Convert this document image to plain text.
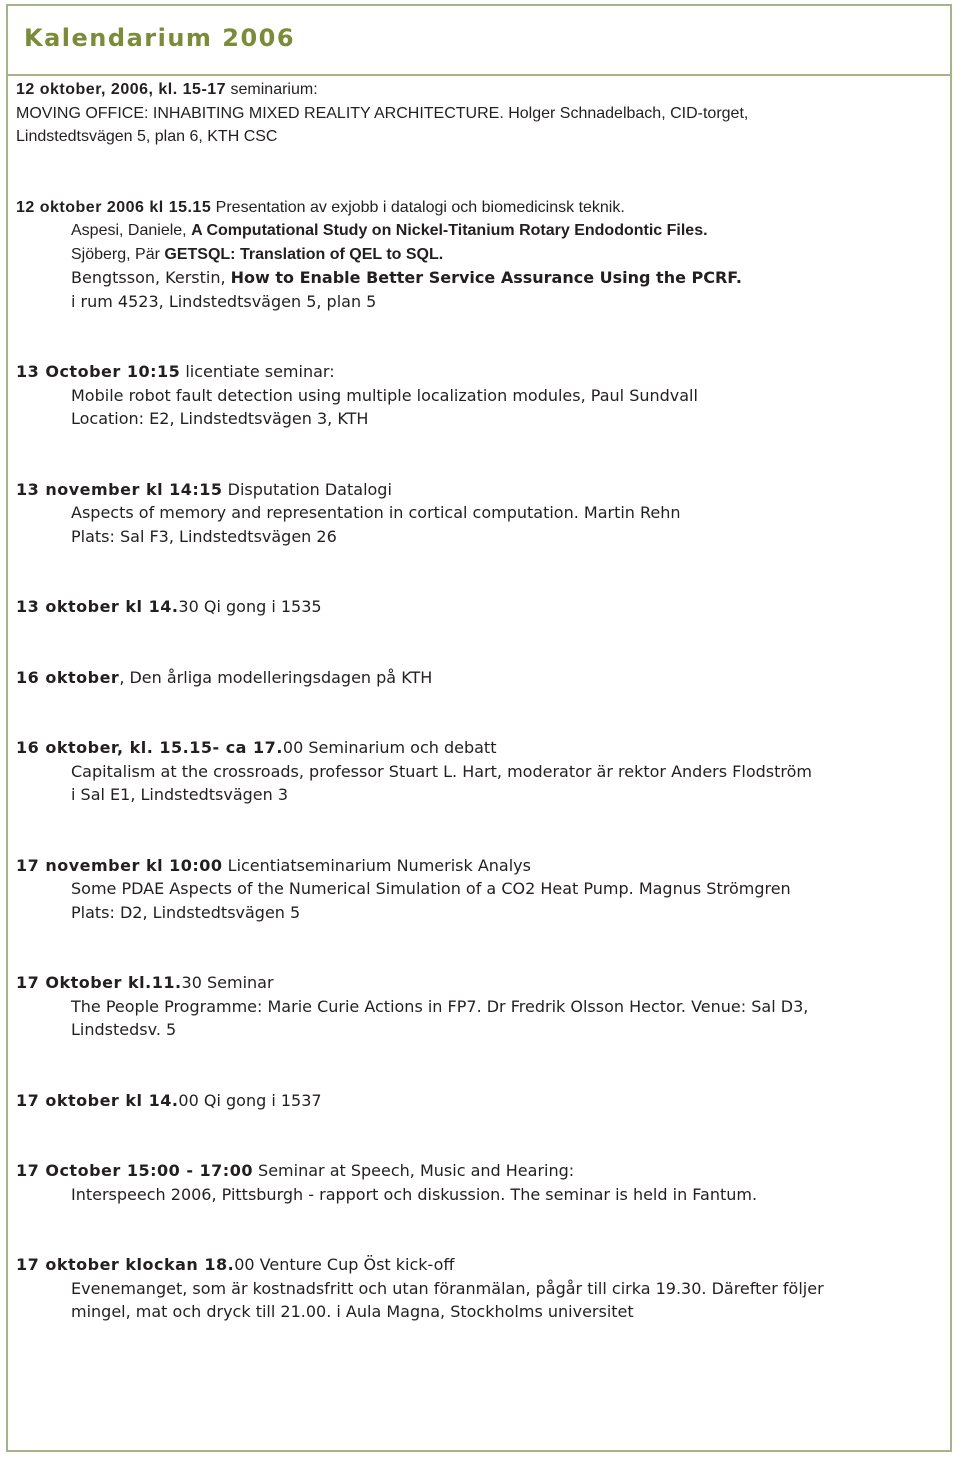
Kalendarium 2006
12 oktober, 2006, kl. 15-17 seminarium:
MOVING OFFICE: INHABITING MIXED REALITY ARCHITECTURE. Holger Schnadelbach, CID-torget,
Lindstedtsvägen 5, plan 6, KTH CSC
12 oktober 2006 kl 15.15 Presentation av exjobb i datalogi och biomedicinsk teknik.
Aspesi, Daniele, A Computational Study on Nickel-Titanium Rotary Endodontic Files.
Sjöberg, Pär GETSQL: Translation of QEL to SQL.
Bengtsson, Kerstin, How to Enable Better Service Assurance Using the PCRF.
i rum 4523, Lindstedtsvägen 5, plan 5
13 October 10:15 licentiate seminar:
Mobile robot fault detection using multiple localization modules, Paul Sundvall
Location: E2, Lindstedtsvägen 3, KTH
13 november kl 14:15 Disputation Datalogi
Aspects of memory and representation in cortical computation. Martin Rehn
Plats: Sal F3, Lindstedtsvägen 26
13 oktober kl 14.30 Qi gong i 1535
16 oktober, Den årliga modelleringsdagen på KTH
16 oktober, kl. 15.15- ca 17.00 Seminarium och debatt
Capitalism at the crossroads, professor Stuart L. Hart, moderator är rektor Anders Flodström
i Sal E1, Lindstedtsvägen 3
17 november kl 10:00 Licentiatseminarium Numerisk Analys
Some PDAE Aspects of the Numerical Simulation of a CO2 Heat Pump. Magnus Strömgren
Plats: D2, Lindstedtsvägen 5
17 Oktober kl.11.30 Seminar
The People Programme: Marie Curie Actions in FP7. Dr Fredrik Olsson Hector. Venue: Sal D3,
Lindstedsv. 5
17 oktober kl 14.00 Qi gong i 1537
17 October 15:00 - 17:00 Seminar at Speech, Music and Hearing:
Interspeech 2006, Pittsburgh - rapport och diskussion. The seminar is held in Fantum.
17 oktober klockan 18.00 Venture Cup Öst kick-off
Evenemanget, som är kostnadsfritt och utan föranmälan, pågår till cirka 19.30. Därefter följer
mingel, mat och dryck till 21.00. i Aula Magna, Stockholms universitet
